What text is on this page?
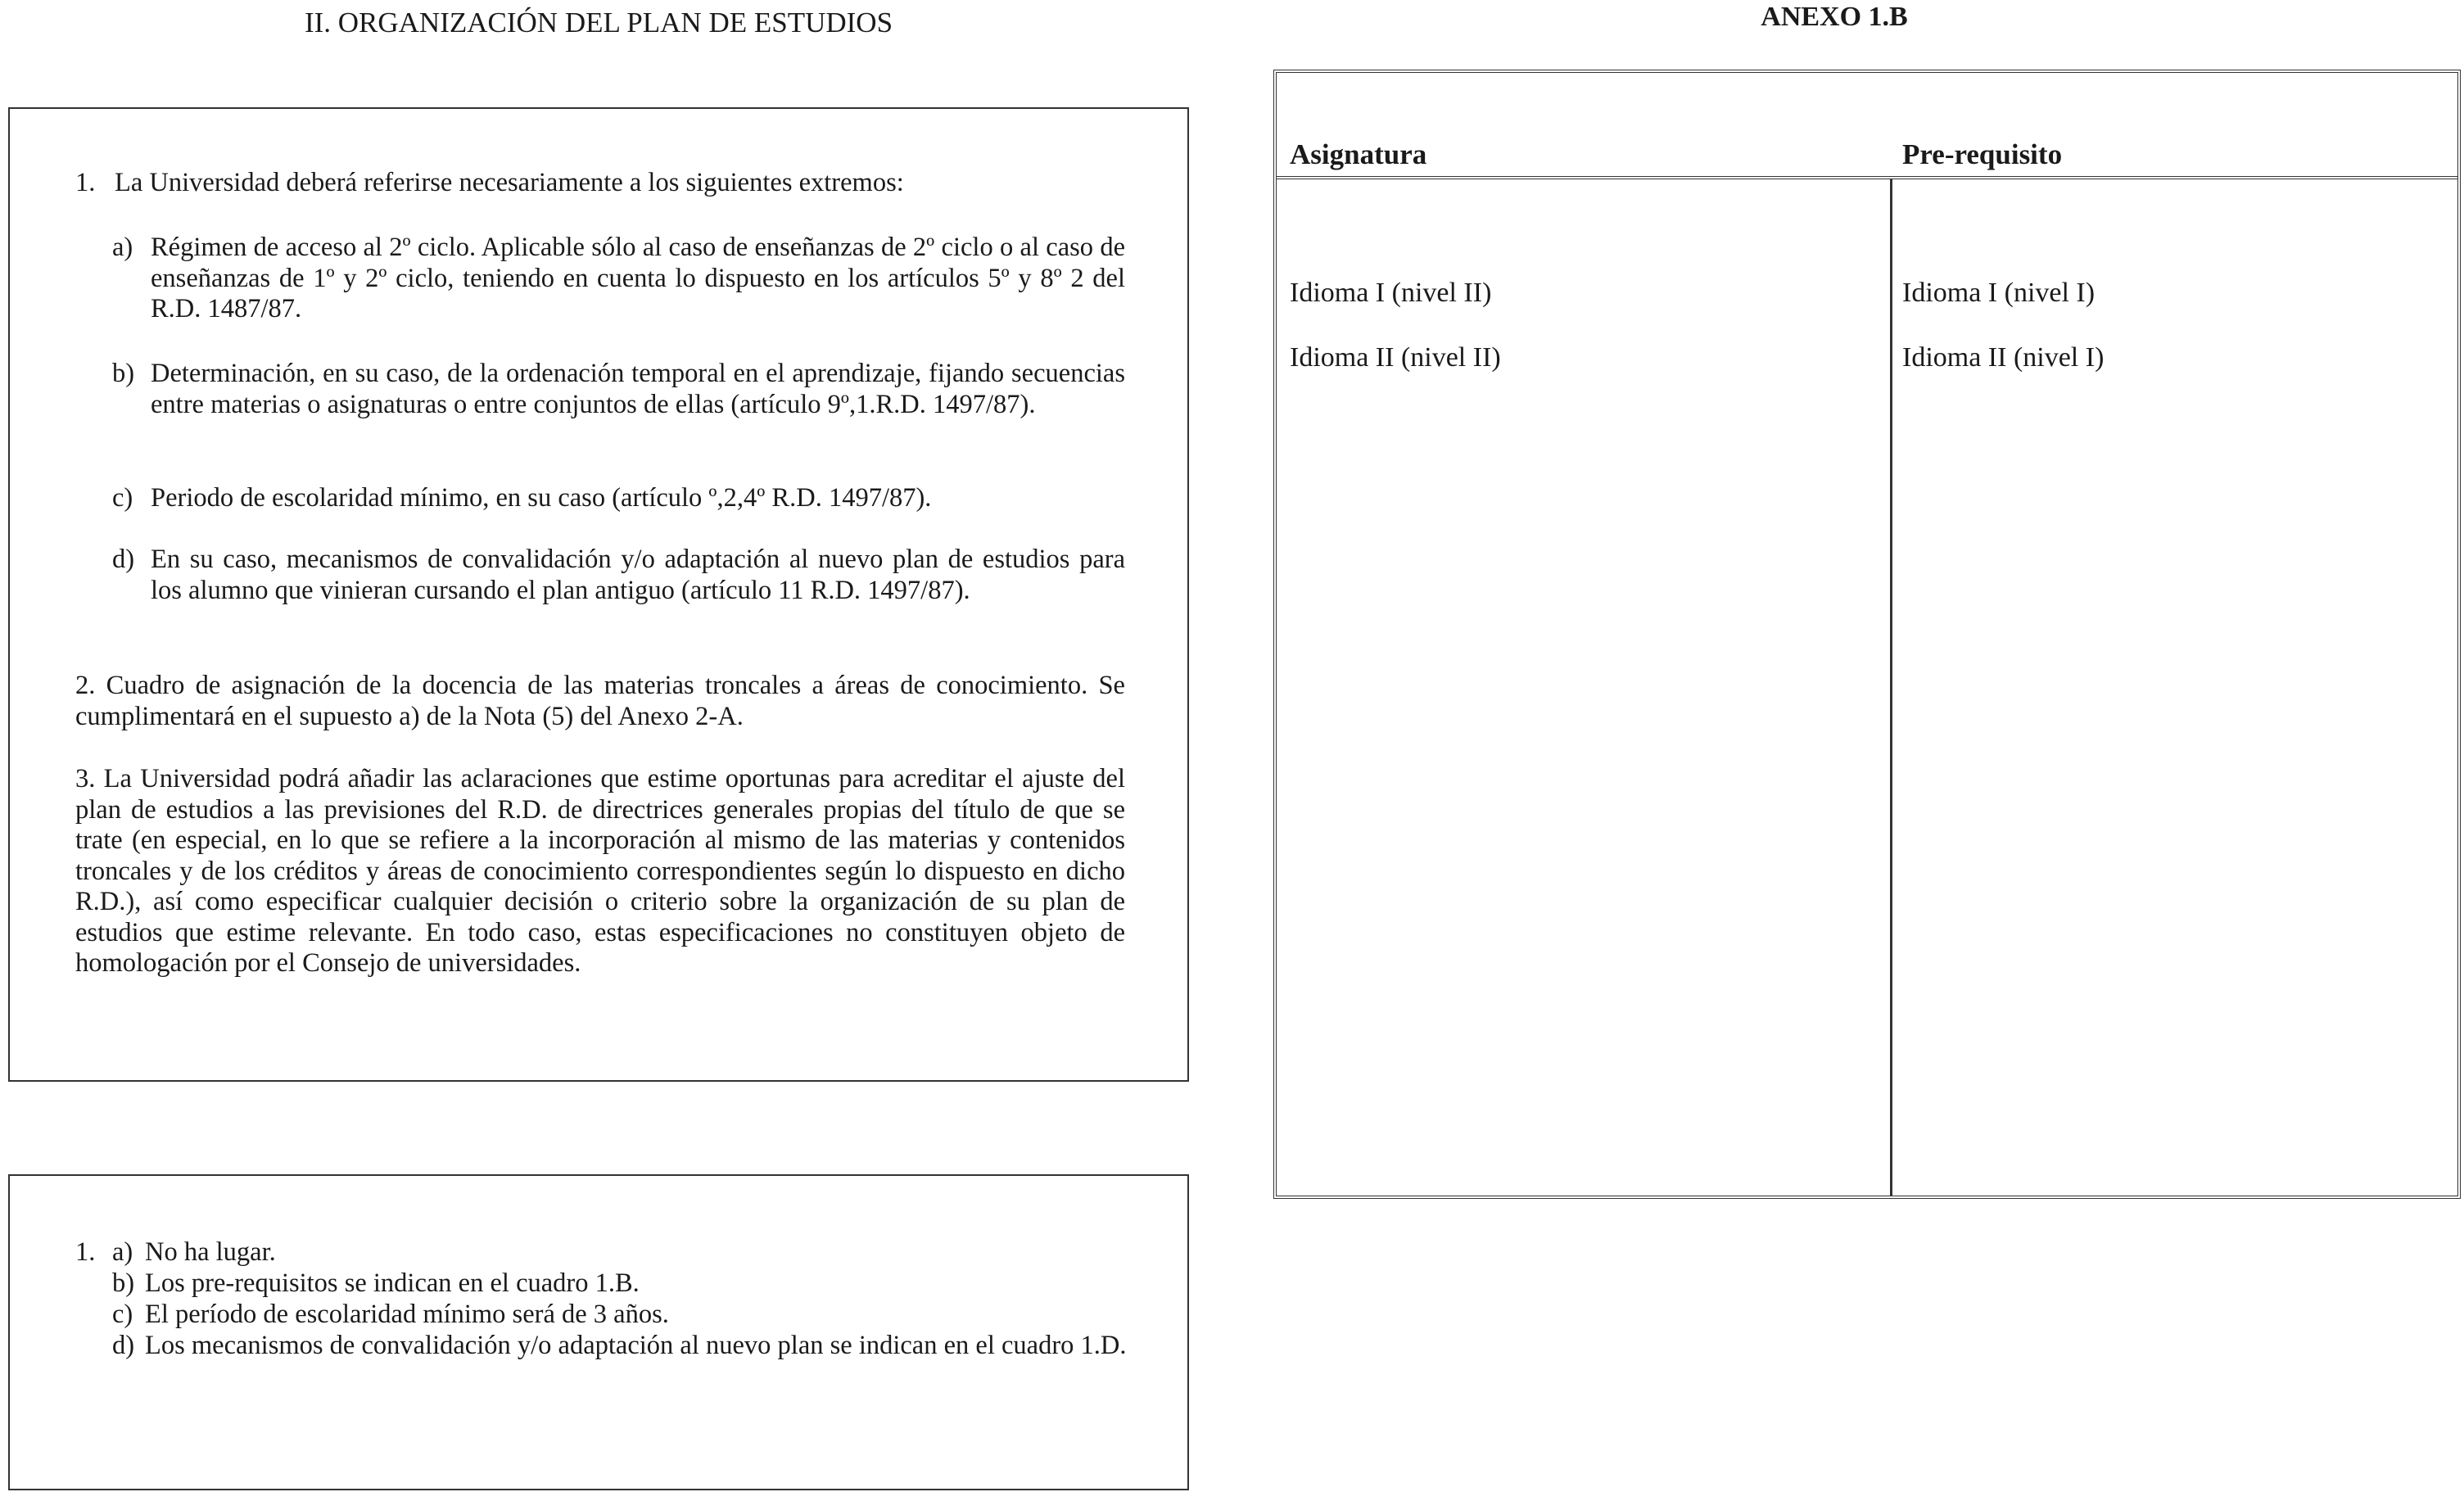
II. ORGANIZACIÓN DEL PLAN DE ESTUDIOS	ANEXO 1.B
1. La Universidad deberá referirse necesariamente a los siguientes extremos:

a) Régimen de acceso al 2º ciclo. Aplicable sólo al caso de enseñanzas de 2º ciclo o al caso de enseñanzas de 1º y 2º ciclo, teniendo en cuenta lo dispuesto en los artículos 5º y 8º 2 del R.D. 1487/87.

b) Determinación, en su caso, de la ordenación temporal en el aprendizaje, fijando secuencias entre materias o asignaturas o entre conjuntos de ellas (artículo 9º,1.R.D. 1497/87).

c) Periodo de escolaridad mínimo, en su caso (artículo º,2,4º R.D. 1497/87).

d) En su caso, mecanismos de convalidación y/o adaptación al nuevo plan de estudios para los alumno que vinieran cursando el plan antiguo (artículo 11 R.D. 1497/87).

2. Cuadro de asignación de la docencia de las materias troncales a áreas de conocimiento. Se cumplimentará en el supuesto a) de la Nota (5) del Anexo 2-A.

3. La Universidad podrá añadir las aclaraciones que estime oportunas para acreditar el ajuste del plan de estudios a las previsiones del R.D. de directrices generales propias del título de que se trate (en especial, en lo que se refiere a la incorporación al mismo de las materias y contenidos troncales y de los créditos y áreas de conocimiento correspondientes según lo dispuesto en dicho R.D.), así como especificar cualquier decisión o criterio sobre la organización de su plan de estudios que estime relevante. En todo caso, estas especificaciones no constituyen objeto de homologación por el Consejo de universidades.

1. a) No ha lugar.

b) Los pre-requisitos se indican en el cuadro 1.B.

c) El período de escolaridad mínimo será de 3 años.

d) Los mecanismos de convalidación y/o adaptación al nuevo plan se indican en el cuadro 1.D.

Asignatura	Pre-requisito
Idioma I (nivel II)	Idioma I (nivel I)
Idioma II (nivel II)	Idioma II (nivel I)
